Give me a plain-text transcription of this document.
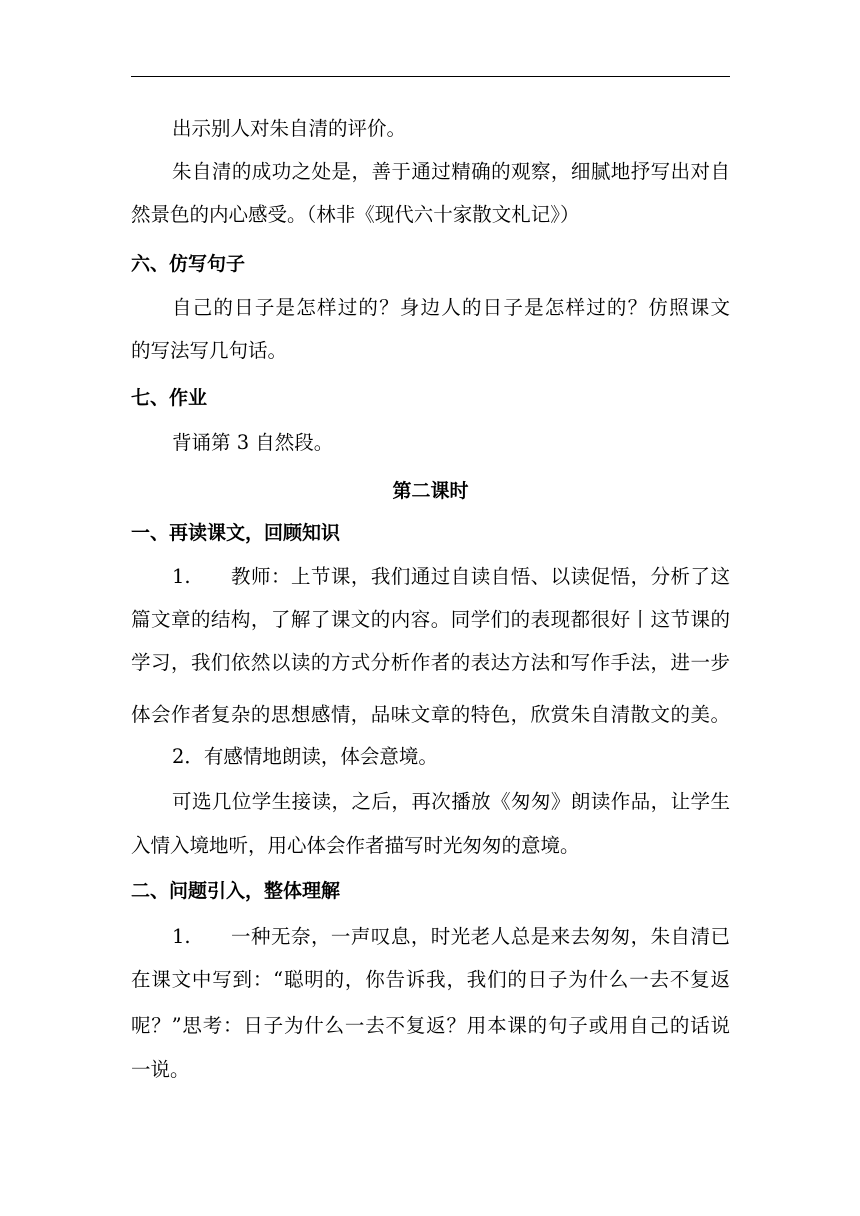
出示别人对朱自清的评价。
朱自清的成功之处是，善于通过精确的观察，细腻地抒写出对自
然景色的内心感受。（林非《现代六十家散文札记》）
六、仿写句子
自己的日子是怎样过的？身边人的日子是怎样过的？仿照课文
的写法写几句话。
七、作业
背诵第 3 自然段。
第二课时
一、再读课文，回顾知识
1.　　教师：上节课，我们通过自读自悟、以读促悟，分析了这
篇文章的结构，了解了课文的内容。同学们的表现都很好丨这节课的
学习，我们依然以读的方式分析作者的表达方法和写作手法，进一步
体会作者复杂的思想感情，品味文章的特色，欣赏朱自清散文的美。
2．有感情地朗读，体会意境。
可选几位学生接读，之后，再次播放《匆匆》朗读作品，让学生
入情入境地听，用心体会作者描写时光匆匆的意境。
二、问题引入，整体理解
1.　　一种无奈，一声叹息，时光老人总是来去匆匆，朱自清已
在课文中写到：“聪明的，你告诉我，我们的日子为什么一去不复返
呢？”思考：日子为什么一去不复返？用本课的句子或用自己的话说
一说。
